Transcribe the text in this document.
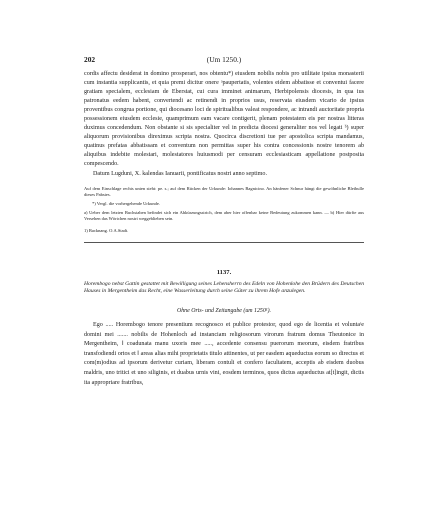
202	(Um 1250.)

cordis affectu desiderat in domino prosperari, nos obtentu*) eiusdem nobilis nobis pro utilitate ipsius monasterii cum instantia supplicantis, et quia premi dicitur onere ᵃpaupertatis, volentes eidem abbatisse et conventui facere gratiam specialem, ecclesiam de Eberstat, cui cura imminet animarum, Herbipolensis diocesis, in qua ius patronatus eedem habent, convertendi ac retinendi in proprios usus, reservata eiusdem vicario de ipsius proventibus congrua portione, qui diocesano loci de spiritualibus valeat respondere, ac intrandi auctoritate propria possessionem eiusdem ecclesie, quamprimum eam vacare contigerit, plenam potestatem eis per nostras litteras duximus concedendum. Non obstante si sis specialiter vel in predicta diocesi generaliter nos vel legati ᵇ) super aliquorum provisionibus direximus scripta nostra. Quocirca discretioni tue per apostolica scripta mandamus, quatinus prefatas abbatissam et conventum non permittas super his contra concessionis nostre tenorem ab aliquibus indebite molestari, molestatores huiusmodi per censuram ecclesiasticam appellatione postposita compescendo.

Datum Lugduni, X. kalendas Ianuarii, pontificatus nostri anno septimo.

Auf dem Einschlage rechts unten steht: pe. s.; auf dem Rücken der Urkunde: Iohannes Bagnicino. An hänfener Schnur hängt die gewöhnliche Bleibulle dieses Pabstes.

*) Vergl. die vorhergehende Urkunde.

a) Ueber dem letzten Buchstaben befindet sich ein Abkürzungsstrich, dem aber hier offenbar keine Bedeutung zukommen kann. — b) Hier dürfte aus Versehen das Wörtchen nostri weggeblieben sein.

1) Backnang. O.A.Stadt.

1137.

Horembogo nebst Gattin gestattet mit Bewilligung seines Lehensherrn des Edeln von Hohenlohe den Brüdern des Deutschen Hauses in Mergentheim das Recht, eine Wasserleitung durch seine Güter zu ihrem Hofe anzulegen.

Ohne Orts- und Zeitangabe (um 1250¹).

Ego ..... Horembogo tenore presentium recognosco et publice protestor, quod ego de licentia et voluntaᵗe domini mei ....... nobilis de Hohenloch ad instanciam religiosorum virorum fratrum domus Theutonice in Mergentheim, ‖ coadunata manu uxoris mee ....., accedente consensu puerorum meorum, eisdem fratribus transfodiendi ortos et ‖ areas alias mihi proprietatis titulo attinentes, ut per easdem aqueductus eorum so directus et com(m)odius ad ipsorum derivetur curiam, liberam contuli et confero facultatem, acceptis ab eisdem duobus maldris, uno tritici et uno siliginis, et duabus urnis vini, eosdem terminos, quos dictus aqueductus at[t]ingit, dictis ita appropriare fratribus,
